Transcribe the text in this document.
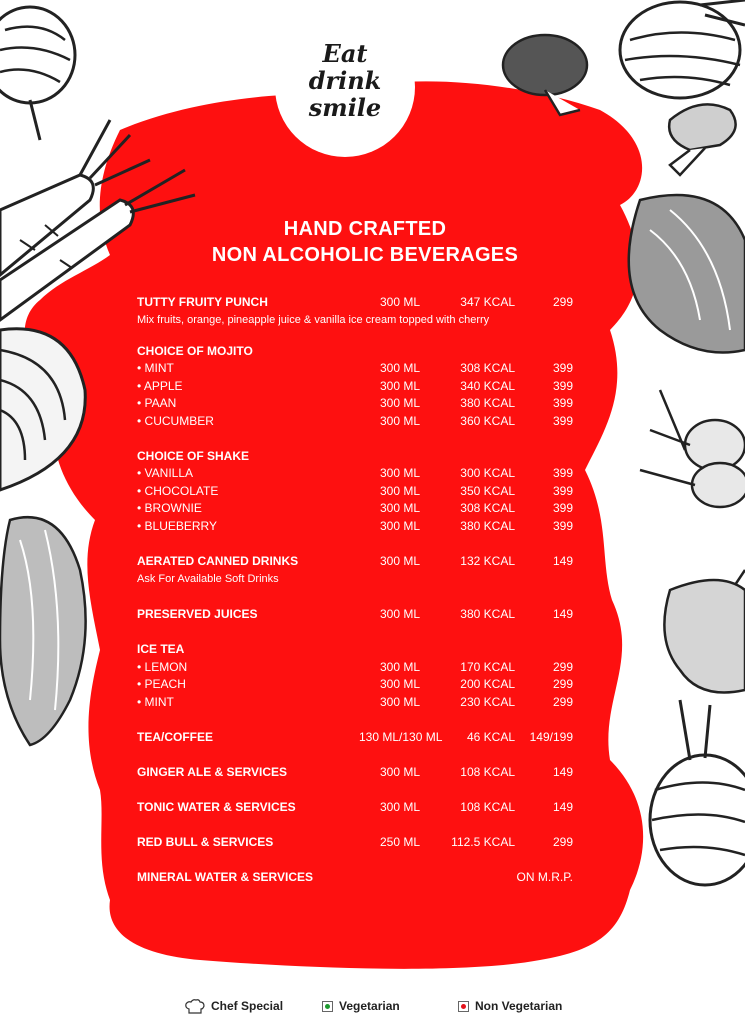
Eat
drink
smile
HAND CRAFTED
NON ALCOHOLIC BEVERAGES
TUTTY FRUITY PUNCH	300 ML	347 KCAL	299
Mix fruits, orange, pineapple juice & vanilla ice cream topped with cherry
CHOICE OF MOJITO
• MINT	300 ML	308 KCAL	399
• APPLE	300 ML	340 KCAL	399
• PAAN	300 ML	380 KCAL	399
• CUCUMBER	300 ML	360 KCAL	399
CHOICE OF SHAKE
• VANILLA	300 ML	300 KCAL	399
• CHOCOLATE	300 ML	350 KCAL	399
• BROWNIE	300 ML	308 KCAL	399
• BLUEBERRY	300 ML	380 KCAL	399
AERATED CANNED DRINKS	300 ML	132 KCAL	149
Ask For Available Soft Drinks
PRESERVED JUICES	300 ML	380 KCAL	149
ICE TEA
• LEMON	300 ML	170 KCAL	299
• PEACH	300 ML	200 KCAL	299
• MINT	300 ML	230 KCAL	299
TEA/COFFEE	130 ML/130 ML 46 KCAL 149/199
GINGER ALE & SERVICES	300 ML	108 KCAL	149
TONIC WATER & SERVICES	300 ML	108 KCAL	149
RED BULL & SERVICES	250 ML	112.5 KCAL	299
MINERAL WATER & SERVICES	ON M.R.P.
Chef Special	Vegetarian	Non Vegetarian
